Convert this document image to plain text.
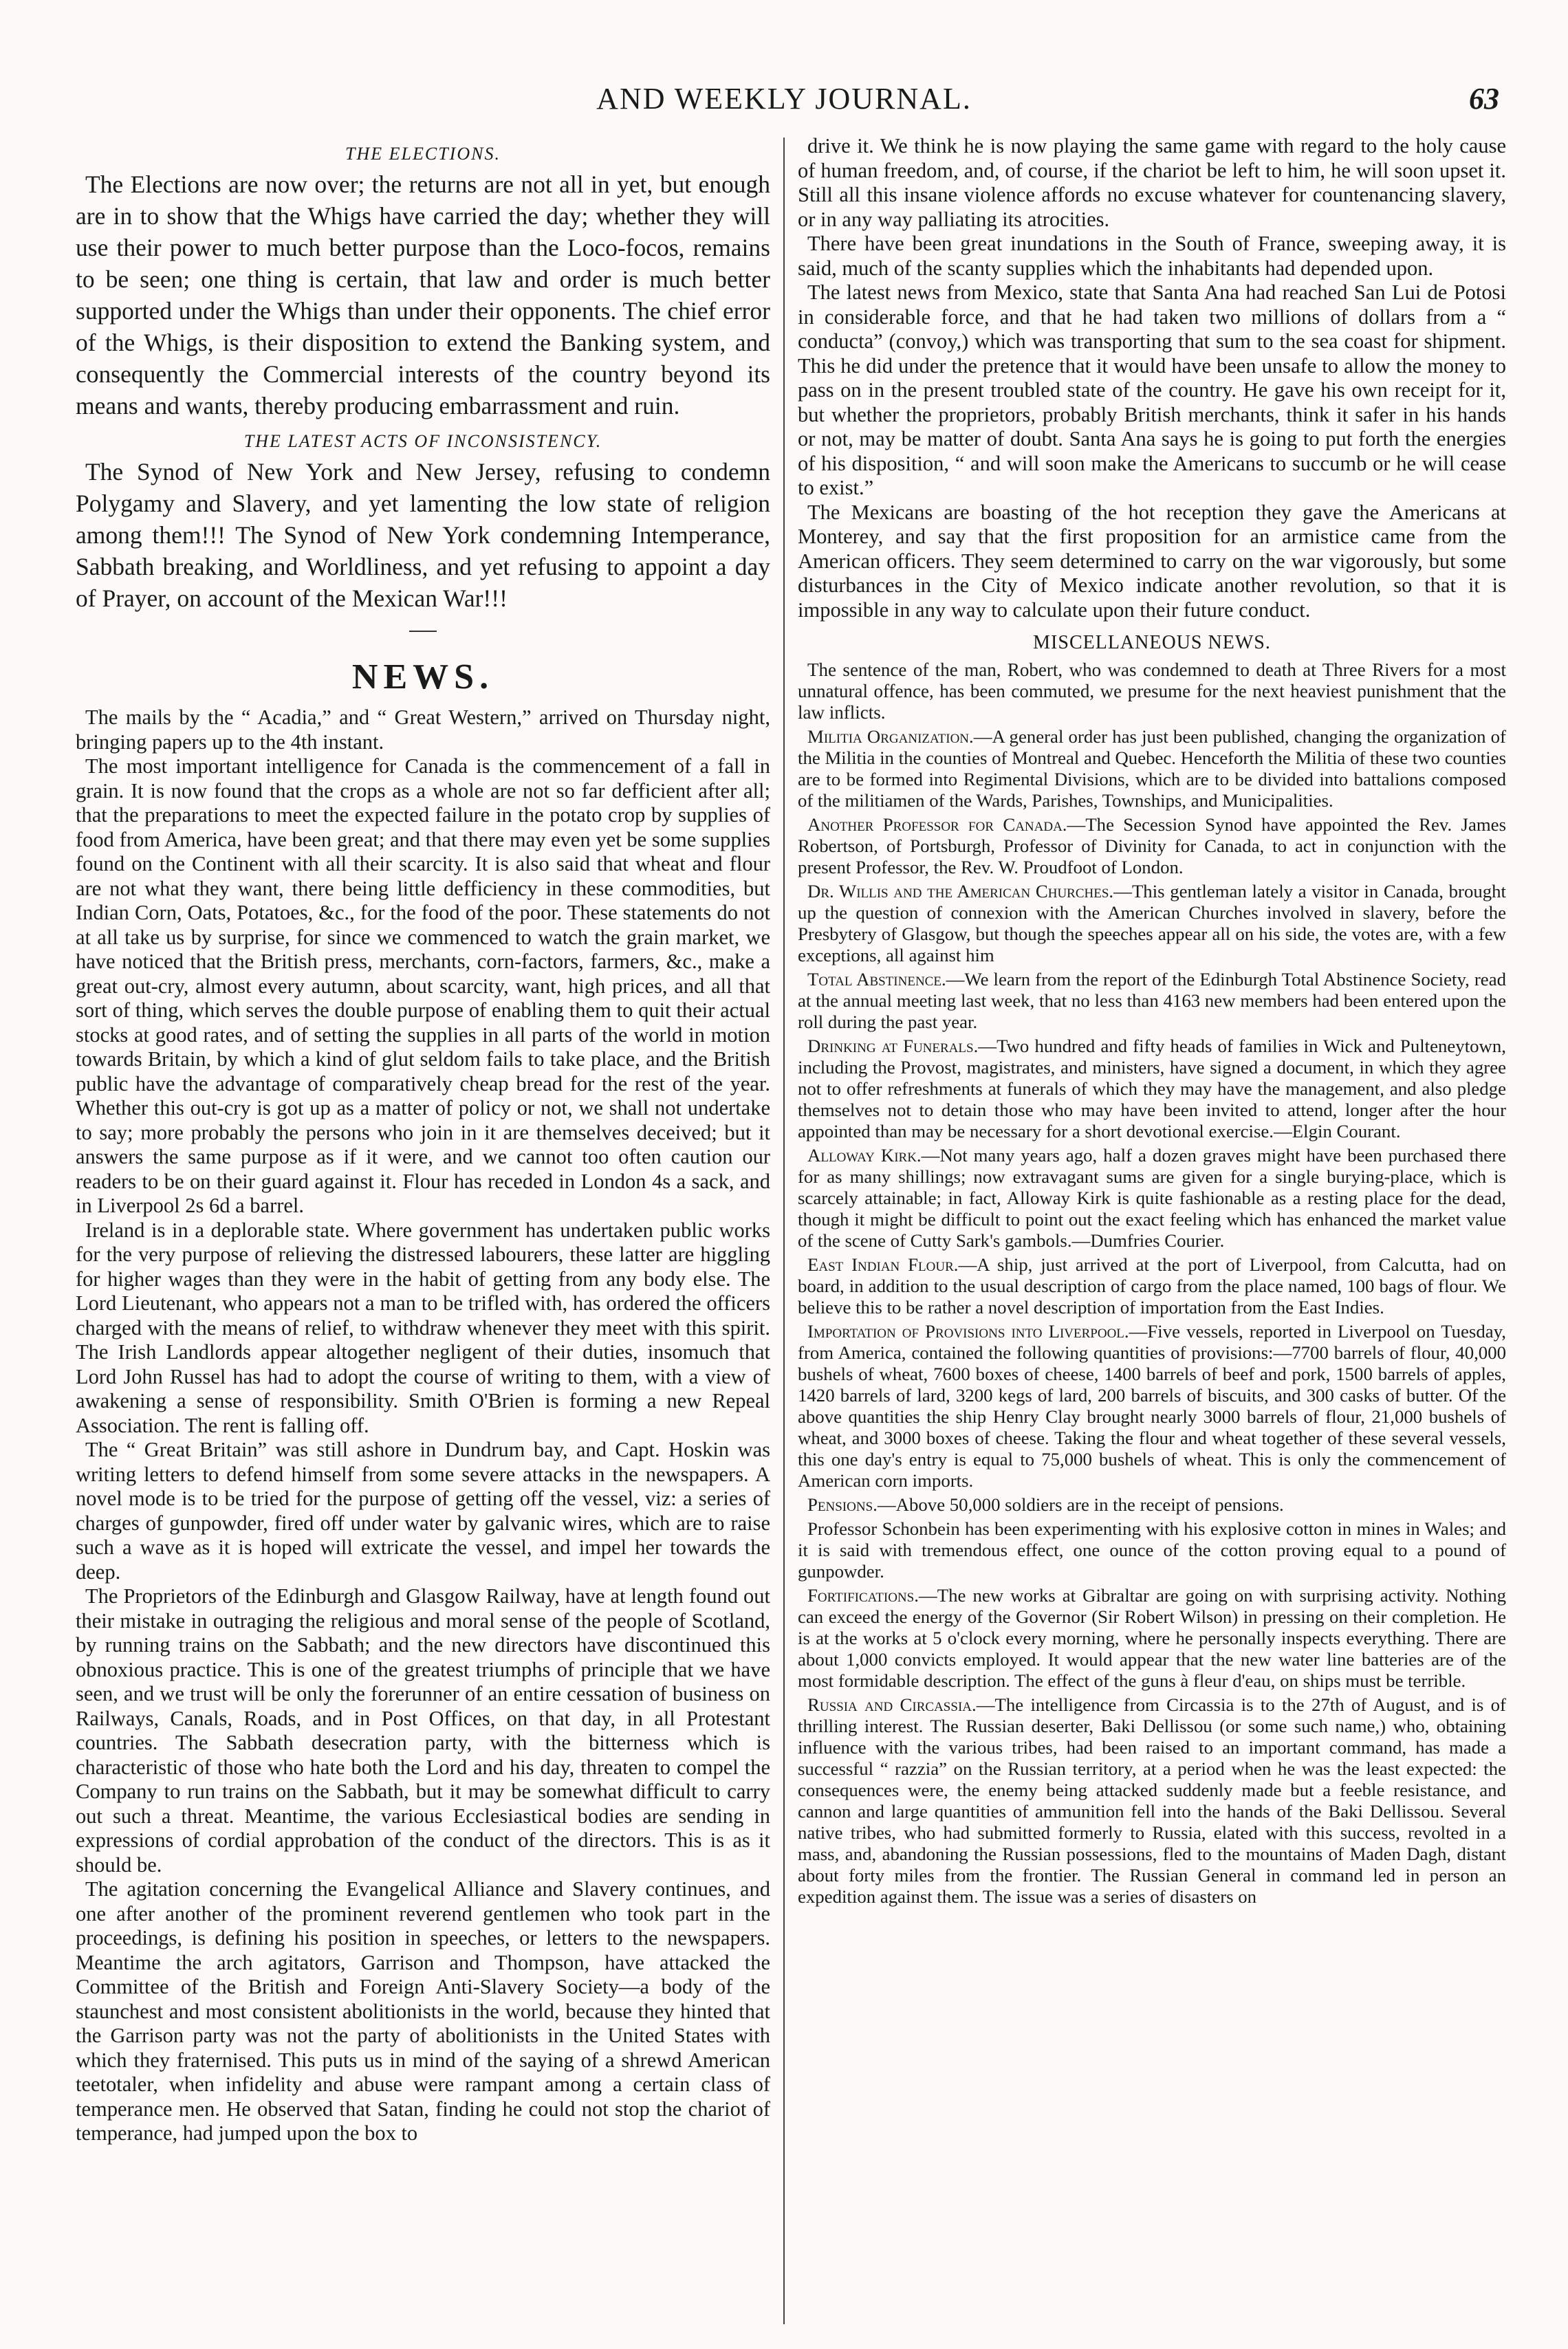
AND WEEKLY JOURNAL.	63
THE ELECTIONS.

The Elections are now over; the returns are not all in yet, but enough are in to show that the Whigs have carried the day; whether they will use their power to much better purpose than the Loco-focos, remains to be seen; one thing is certain, that law and order is much better supported under the Whigs than under their opponents. The chief error of the Whigs, is their disposition to extend the Banking system, and consequently the Commercial interests of the country beyond its means and wants, thereby producing embarrassment and ruin.

THE LATEST ACTS OF INCONSISTENCY.

The Synod of New York and New Jersey, refusing to condemn Polygamy and Slavery, and yet lamenting the low state of religion among them!!! The Synod of New York condemning Intemperance, Sabbath breaking, and Worldliness, and yet refusing to appoint a day of Prayer, on account of the Mexican War!!!

NEWS.

The mails by the “ Acadia,” and “ Great Western,” arrived on Thursday night, bringing papers up to the 4th instant.

The most important intelligence for Canada is the commencement of a fall in grain. It is now found that the crops as a whole are not so far defficient after all; that the preparations to meet the expected failure in the potato crop by supplies of food from America, have been great; and that there may even yet be some supplies found on the Continent with all their scarcity. It is also said that wheat and flour are not what they want, there being little defficiency in these commodities, but Indian Corn, Oats, Potatoes, &c., for the food of the poor. These statements do not at all take us by surprise, for since we commenced to watch the grain market, we have noticed that the British press, merchants, corn-factors, farmers, &c., make a great out-cry, almost every autumn, about scarcity, want, high prices, and all that sort of thing, which serves the double purpose of enabling them to quit their actual stocks at good rates, and of setting the supplies in all parts of the world in motion towards Britain, by which a kind of glut seldom fails to take place, and the British public have the advantage of comparatively cheap bread for the rest of the year. Whether this out-cry is got up as a matter of policy or not, we shall not undertake to say; more probably the persons who join in it are themselves deceived; but it answers the same purpose as if it were, and we cannot too often caution our readers to be on their guard against it. Flour has receded in London 4s a sack, and in Liverpool 2s 6d a barrel.

Ireland is in a deplorable state. Where government has undertaken public works for the very purpose of relieving the distressed labourers, these latter are higgling for higher wages than they were in the habit of getting from any body else. The Lord Lieutenant, who appears not a man to be trifled with, has ordered the officers charged with the means of relief, to withdraw whenever they meet with this spirit. The Irish Landlords appear altogether negligent of their duties, insomuch that Lord John Russel has had to adopt the course of writing to them, with a view of awakening a sense of responsibility. Smith O'Brien is forming a new Repeal Association. The rent is falling off.

The “ Great Britain” was still ashore in Dundrum bay, and Capt. Hoskin was writing letters to defend himself from some severe attacks in the newspapers. A novel mode is to be tried for the purpose of getting off the vessel, viz: a series of charges of gunpowder, fired off under water by galvanic wires, which are to raise such a wave as it is hoped will extricate the vessel, and impel her towards the deep.

The Proprietors of the Edinburgh and Glasgow Railway, have at length found out their mistake in outraging the religious and moral sense of the people of Scotland, by running trains on the Sabbath; and the new directors have discontinued this obnoxious practice. This is one of the greatest triumphs of principle that we have seen, and we trust will be only the forerunner of an entire cessation of business on Railways, Canals, Roads, and in Post Offices, on that day, in all Protestant countries. The Sabbath desecration party, with the bitterness which is characteristic of those who hate both the Lord and his day, threaten to compel the Company to run trains on the Sabbath, but it may be somewhat difficult to carry out such a threat. Meantime, the various Ecclesiastical bodies are sending in expressions of cordial approbation of the conduct of the directors. This is as it should be.

The agitation concerning the Evangelical Alliance and Slavery continues, and one after another of the prominent reverend gentlemen who took part in the proceedings, is defining his position in speeches, or letters to the newspapers. Meantime the arch agitators, Garrison and Thompson, have attacked the Committee of the British and Foreign Anti-Slavery Society—a body of the staunchest and most consistent abolitionists in the world, because they hinted that the Garrison party was not the party of abolitionists in the United States with which they fraternised. This puts us in mind of the saying of a shrewd American teetotaler, when infidelity and abuse were rampant among a certain class of temperance men. He observed that Satan, finding he could not stop the chariot of temperance, had jumped upon the box to

drive it. We think he is now playing the same game with regard to the holy cause of human freedom, and, of course, if the chariot be left to him, he will soon upset it. Still all this insane violence affords no excuse whatever for countenancing slavery, or in any way palliating its atrocities.

There have been great inundations in the South of France, sweeping away, it is said, much of the scanty supplies which the inhabitants had depended upon.

The latest news from Mexico, state that Santa Ana had reached San Lui de Potosi in considerable force, and that he had taken two millions of dollars from a “ conducta” (convoy,) which was transporting that sum to the sea coast for shipment. This he did under the pretence that it would have been unsafe to allow the money to pass on in the present troubled state of the country. He gave his own receipt for it, but whether the proprietors, probably British merchants, think it safer in his hands or not, may be matter of doubt. Santa Ana says he is going to put forth the energies of his disposition, “ and will soon make the Americans to succumb or he will cease to exist.”

The Mexicans are boasting of the hot reception they gave the Americans at Monterey, and say that the first proposition for an armistice came from the American officers. They seem determined to carry on the war vigorously, but some disturbances in the City of Mexico indicate another revolution, so that it is impossible in any way to calculate upon their future conduct.

MISCELLANEOUS NEWS.

The sentence of the man, Robert, who was condemned to death at Three Rivers for a most unnatural offence, has been commuted, we presume for the next heaviest punishment that the law inflicts.

Militia Organization.—A general order has just been published, changing the organization of the Militia in the counties of Montreal and Quebec. Henceforth the Militia of these two counties are to be formed into Regimental Divisions, which are to be divided into battalions composed of the militiamen of the Wards, Parishes, Townships, and Municipalities.

Another Professor for Canada.—The Secession Synod have appointed the Rev. James Robertson, of Portsburgh, Professor of Divinity for Canada, to act in conjunction with the present Professor, the Rev. W. Proudfoot of London.

Dr. Willis and the American Churches.—This gentleman lately a visitor in Canada, brought up the question of connexion with the American Churches involved in slavery, before the Presbytery of Glasgow, but though the speeches appear all on his side, the votes are, with a few exceptions, all against him

Total Abstinence.—We learn from the report of the Edinburgh Total Abstinence Society, read at the annual meeting last week, that no less than 4163 new members had been entered upon the roll during the past year.

Drinking at Funerals.—Two hundred and fifty heads of families in Wick and Pulteneytown, including the Provost, magistrates, and ministers, have signed a document, in which they agree not to offer refreshments at funerals of which they may have the management, and also pledge themselves not to detain those who may have been invited to attend, longer after the hour appointed than may be necessary for a short devotional exercise.—Elgin Courant.

Alloway Kirk.—Not many years ago, half a dozen graves might have been purchased there for as many shillings; now extravagant sums are given for a single burying-place, which is scarcely attainable; in fact, Alloway Kirk is quite fashionable as a resting place for the dead, though it might be difficult to point out the exact feeling which has enhanced the market value of the scene of Cutty Sark's gambols.—Dumfries Courier.

East Indian Flour.—A ship, just arrived at the port of Liverpool, from Calcutta, had on board, in addition to the usual description of cargo from the place named, 100 bags of flour. We believe this to be rather a novel description of importation from the East Indies.

Importation of Provisions into Liverpool.—Five vessels, reported in Liverpool on Tuesday, from America, contained the following quantities of provisions:—7700 barrels of flour, 40,000 bushels of wheat, 7600 boxes of cheese, 1400 barrels of beef and pork, 1500 barrels of apples, 1420 barrels of lard, 3200 kegs of lard, 200 barrels of biscuits, and 300 casks of butter. Of the above quantities the ship Henry Clay brought nearly 3000 barrels of flour, 21,000 bushels of wheat, and 3000 boxes of cheese. Taking the flour and wheat together of these several vessels, this one day's entry is equal to 75,000 bushels of wheat. This is only the commencement of American corn imports.

Pensions.—Above 50,000 soldiers are in the receipt of pensions.

Professor Schonbein has been experimenting with his explosive cotton in mines in Wales; and it is said with tremendous effect, one ounce of the cotton proving equal to a pound of gunpowder.

Fortifications.—The new works at Gibraltar are going on with surprising activity. Nothing can exceed the energy of the Governor (Sir Robert Wilson) in pressing on their completion. He is at the works at 5 o'clock every morning, where he personally inspects everything. There are about 1,000 convicts employed. It would appear that the new water line batteries are of the most formidable description. The effect of the guns à fleur d'eau, on ships must be terrible.

Russia and Circassia.—The intelligence from Circassia is to the 27th of August, and is of thrilling interest. The Russian deserter, Baki Dellissou (or some such name,) who, obtaining influence with the various tribes, had been raised to an important command, has made a successful “ razzia” on the Russian territory, at a period when he was the least expected: the consequences were, the enemy being attacked suddenly made but a feeble resistance, and cannon and large quantities of ammunition fell into the hands of the Baki Dellissou. Several native tribes, who had submitted formerly to Russia, elated with this success, revolted in a mass, and, abandoning the Russian possessions, fled to the mountains of Maden Dagh, distant about forty miles from the frontier. The Russian General in command led in person an expedition against them. The issue was a series of disasters on
